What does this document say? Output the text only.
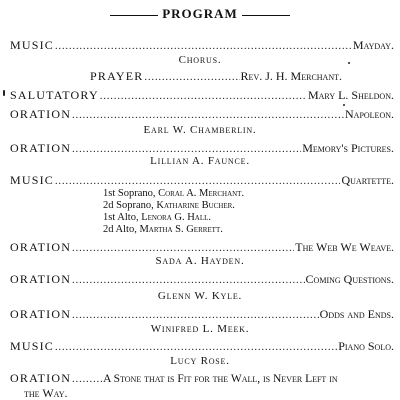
PROGRAM
MUSIC .....	Mayday.
Chorus.
PRAYER .....	Rev. J. H. Merchant.
SALUTATORY .....	Mary L. Sheldon.
ORATION .....	Napoleon.
Earl W. Chamberlin.
ORATION .....	Memory's Pictures.
Lillian A. Faunce.
MUSIC .....	Quartette.
1st Soprano, Coral A. Merchant.
2d Soprano, Katharine Bucher.
1st Alto, Lenora G. Hall.
2d Alto, Martha S. Gerrett.
ORATION .....	The Web We Weave.
Sada A. Hayden.
ORATION .....	Coming Questions.
Glenn W. Kyle.
ORATION .....	Odds and Ends.
Winifred L. Meek.
MUSIC .....	Piano Solo.
Lucy Rose.
ORATION .....	A Stone that is Fit for the Wall, is Never Left in
the Way.
